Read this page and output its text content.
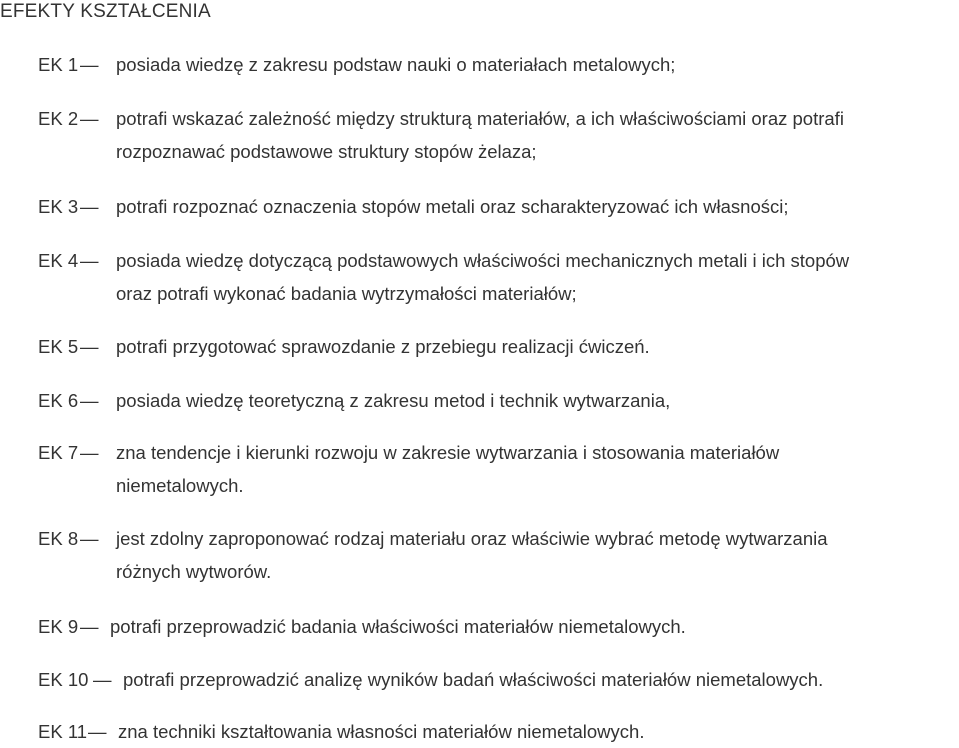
EFEKTY KSZTAŁCENIA
EK 1 — posiada wiedzę z zakresu podstaw nauki o materiałach metalowych;
EK 2 — potrafi wskazać zależność między strukturą materiałów, a ich właściwościami oraz potrafi
rozpoznawać podstawowe struktury stopów żelaza;
EK 3 — potrafi rozpoznać oznaczenia stopów metali oraz scharakteryzować ich własności;
EK 4 — posiada wiedzę dotyczącą podstawowych właściwości mechanicznych metali i ich stopów
oraz potrafi wykonać badania wytrzymałości materiałów;
EK 5 — potrafi przygotować sprawozdanie z przebiegu realizacji ćwiczeń.
EK 6 — posiada wiedzę teoretyczną z zakresu metod i technik wytwarzania,
EK 7 — zna tendencje i kierunki rozwoju w zakresie wytwarzania i stosowania materiałów
niemetalowych.
EK 8 — jest zdolny zaproponować rodzaj materiału oraz właściwie wybrać metodę wytwarzania
różnych wytworów.
EK 9 — potrafi przeprowadzić badania właściwości materiałów niemetalowych.
EK 10 — potrafi przeprowadzić analizę wyników badań właściwości materiałów niemetalowych.
EK 11 — zna techniki kształtowania własności materiałów niemetalowych.
